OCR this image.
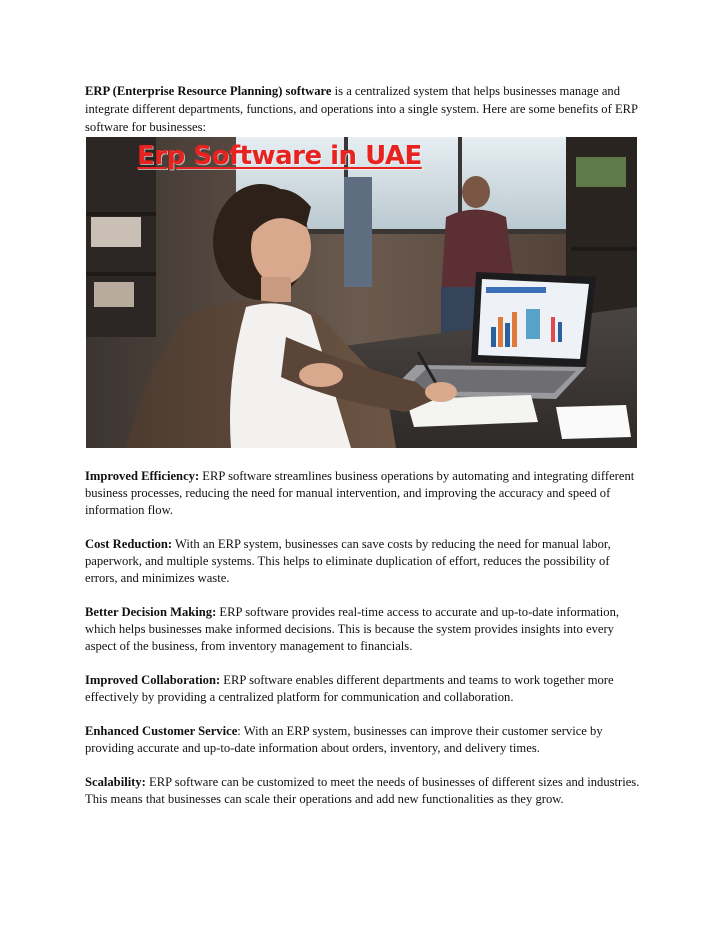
ERP (Enterprise Resource Planning) software is a centralized system that helps businesses manage and integrate different departments, functions, and operations into a single system. Here are some benefits of ERP software for businesses:

Erp Software in UAE
Improved Efficiency: ERP software streamlines business operations by automating and integrating different business processes, reducing the need for manual intervention, and improving the accuracy and speed of information flow.
Cost Reduction: With an ERP system, businesses can save costs by reducing the need for manual labor, paperwork, and multiple systems. This helps to eliminate duplication of effort, reduces the possibility of errors, and minimizes waste.
Better Decision Making: ERP software provides real-time access to accurate and up-to-date information, which helps businesses make informed decisions. This is because the system provides insights into every aspect of the business, from inventory management to financials.
Improved Collaboration: ERP software enables different departments and teams to work together more effectively by providing a centralized platform for communication and collaboration.
Enhanced Customer Service: With an ERP system, businesses can improve their customer service by providing accurate and up-to-date information about orders, inventory, and delivery times.
Scalability: ERP software can be customized to meet the needs of businesses of different sizes and industries. This means that businesses can scale their operations and add new functionalities as they grow.
